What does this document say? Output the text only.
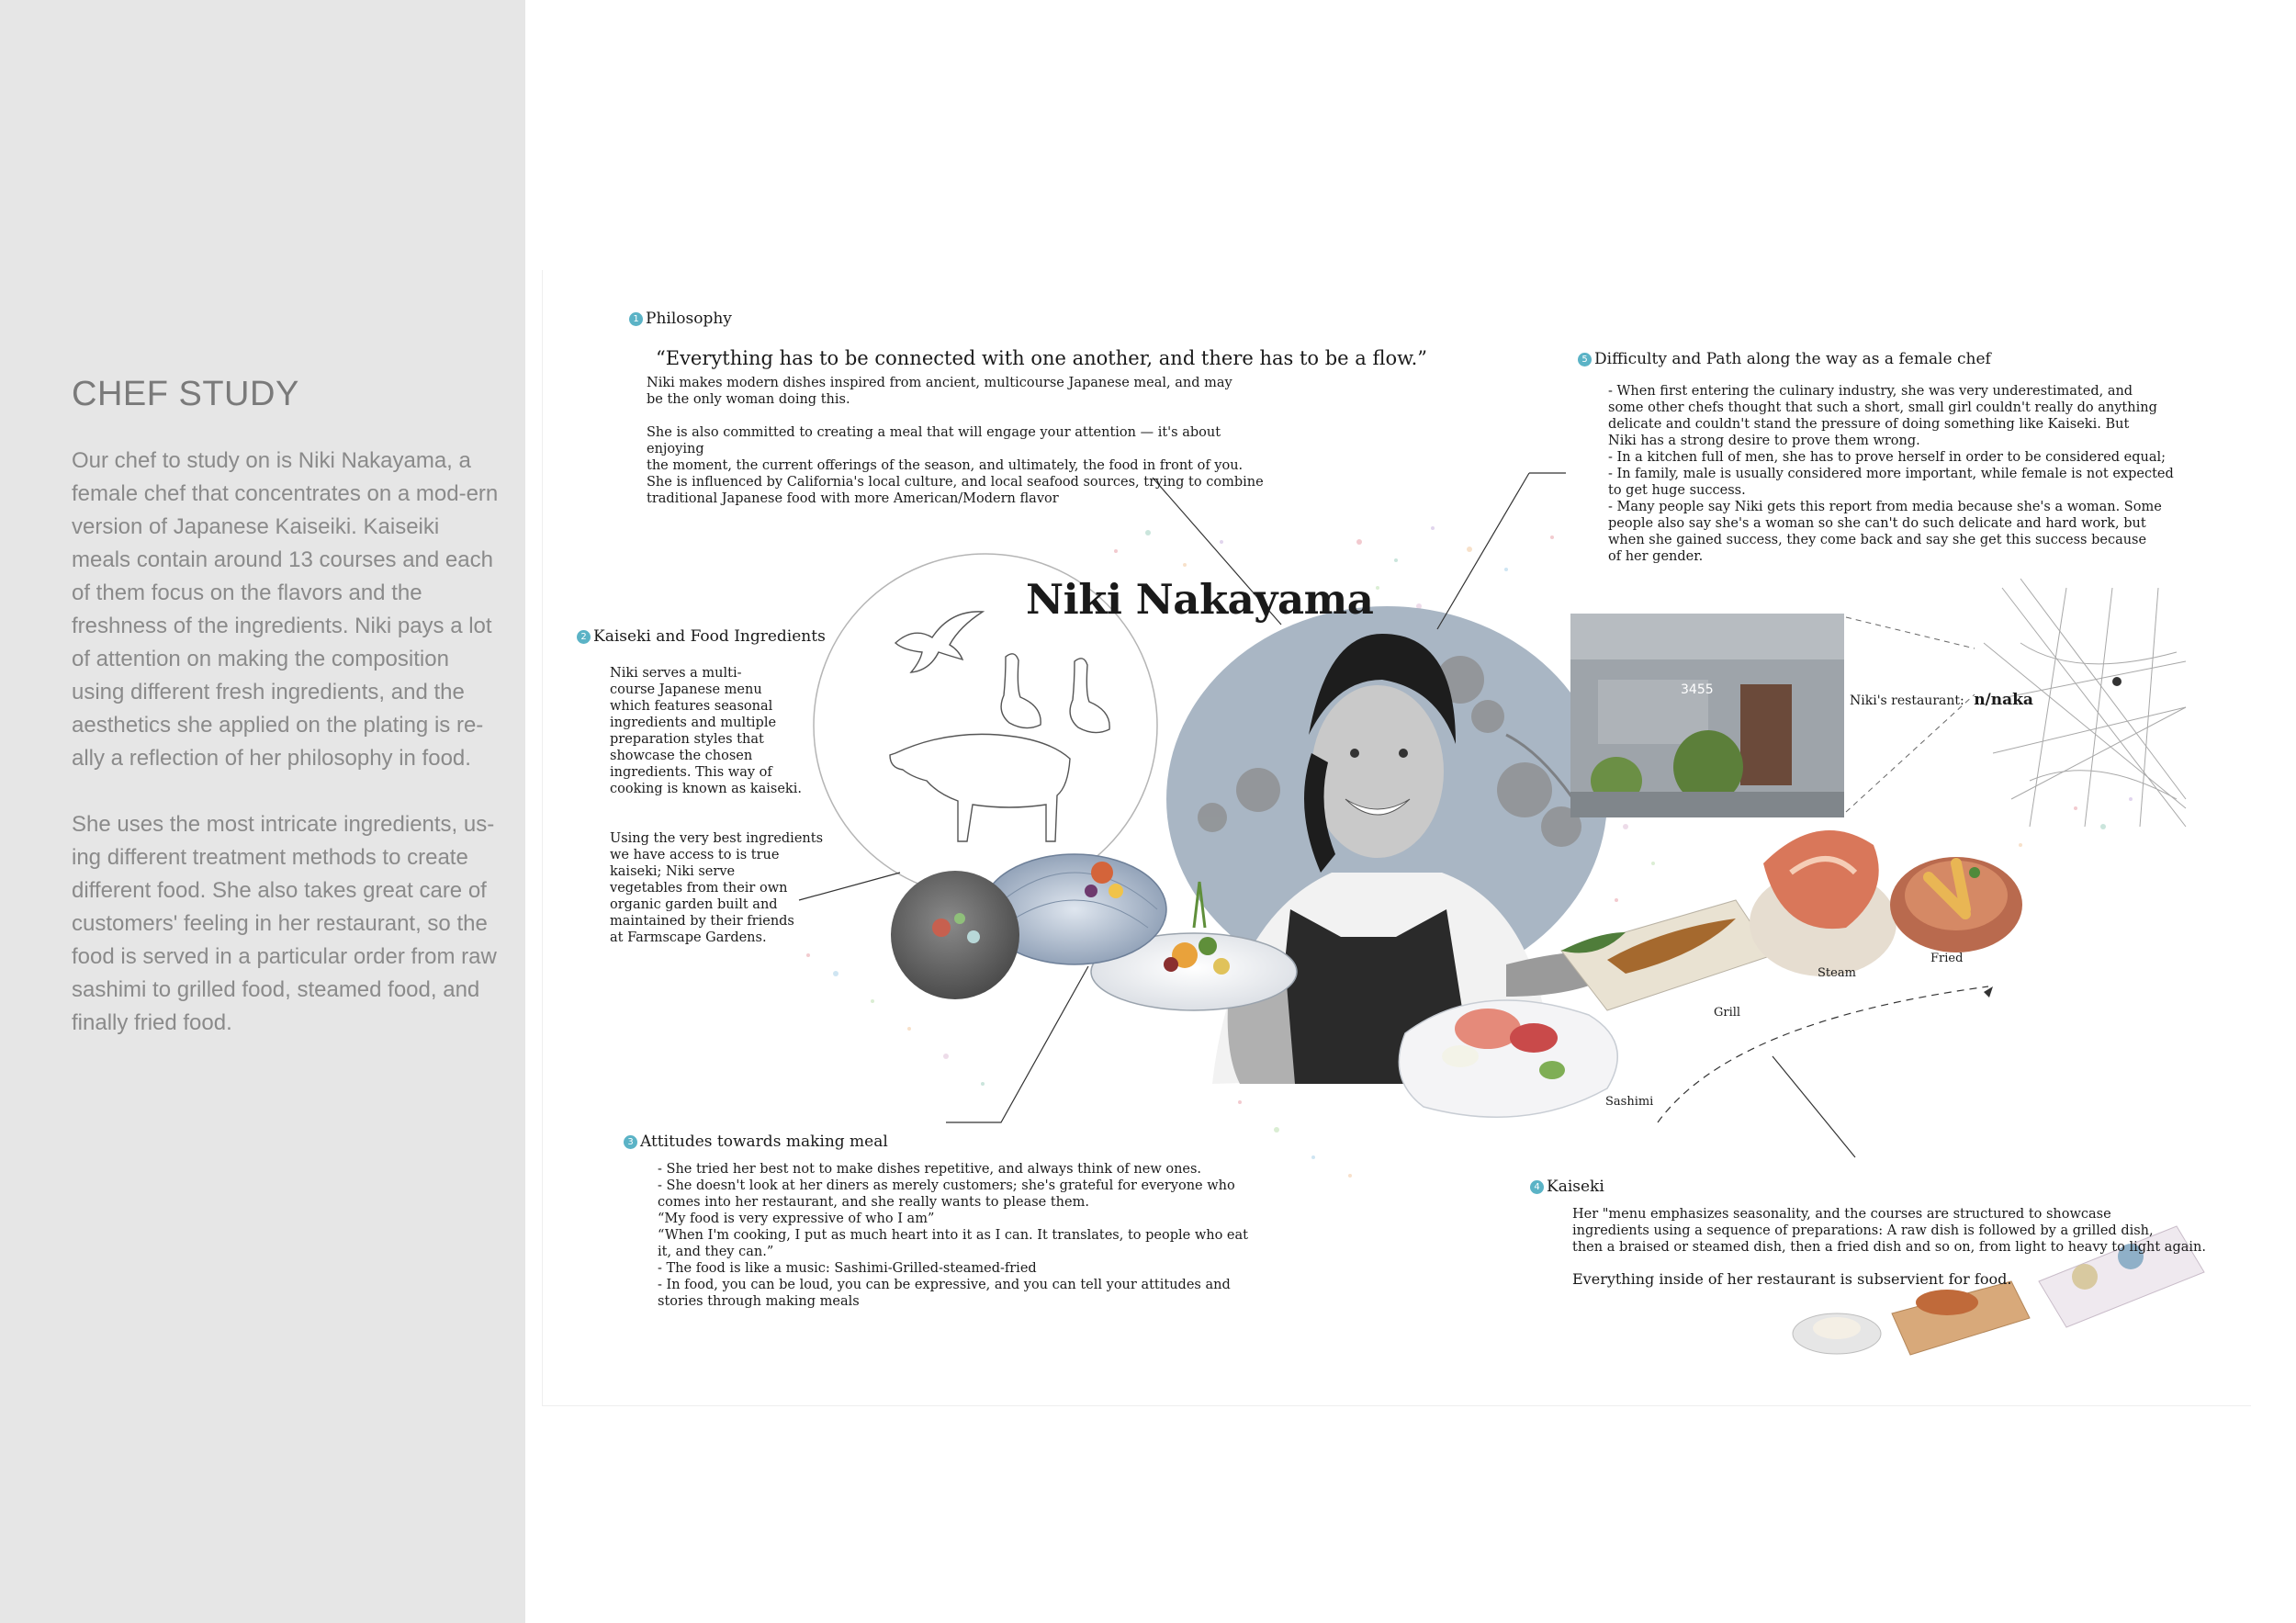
CHEF STUDY

Our chef to study on is Niki Nakayama, a female chef that concentrates on a mod-ern version of Japanese Kaiseiki. Kaiseiki meals contain around 13 courses and each of them focus on the flavors and the freshness of the ingredients. Niki pays a lot of attention on making the composition using different fresh ingredients, and the aesthetics she applied on the plating is re-ally a reflection of her philosophy in food.

She uses the most intricate ingredients, us-ing different treatment methods to create different food. She also takes great care of customers' feeling in her restaurant, so the food is served in a particular order from raw sashimi to grilled food, steamed food, and finally fried food.

3455
1 Philosophy
“Everything has to be connected with one another, and there has to be a flow.”
Niki makes modern dishes inspired from ancient, multicourse Japanese meal, and may
be the only woman doing this.
She is also committed to creating a meal that will engage your attention — it's about enjoying
the moment, the current offerings of the season, and ultimately, the food in front of you.
She is influenced by California's local culture, and local seafood sources, trying to combine
traditional Japanese food with more American/Modern flavor
Niki Nakayama
2 Kaiseki and Food Ingredients
Niki serves a multi-
course Japanese menu
which features seasonal
ingredients and multiple
preparation styles that
showcase the chosen
ingredients. This way of
cooking is known as kaiseki.
Using the very best ingredients
we have access to is true
kaiseki; Niki serve
vegetables from their own
organic garden built and
maintained by their friends
at Farmscape Gardens.
3 Attitudes towards making meal
- She tried her best not to make dishes repetitive, and always think of new ones.
- She doesn't look at her diners as merely customers; she's grateful for everyone who
comes into her restaurant, and she really wants to please them.
“My food is very expressive of who I am”
“When I'm cooking, I put as much heart into it as I can. It translates, to people who eat
it, and they can.”
- The food is like a music: Sashimi-Grilled-steamed-fried
- In food, you can be loud, you can be expressive, and you can tell your attitudes and
stories through making meals
4 Kaiseki
Her "menu emphasizes seasonality, and the courses are structured to showcase
ingredients using a sequence of preparations: A raw dish is followed by a grilled dish,
then a braised or steamed dish, then a fried dish and so on, from light to heavy to light again.
Everything inside of her restaurant is subservient for food.
5 Difficulty and Path along the way as a female chef
- When first entering the culinary industry, she was very underestimated, and
some other chefs thought that such a short, small girl couldn't really do anything
delicate and couldn't stand the pressure of doing something like Kaiseki. But
Niki has a strong desire to prove them wrong.
- In a kitchen full of men, she has to prove herself in order to be considered equal;
- In family, male is usually considered more important, while female is not expected
to get huge success.
- Many people say Niki gets this report from media because she's a woman. Some
people also say she's a woman so she can't do such delicate and hard work, but
when she gained success, they come back and say she get this success because
of her gender.
Niki's restaurant: n/naka
Sashimi
Grill
Steam
Fried
